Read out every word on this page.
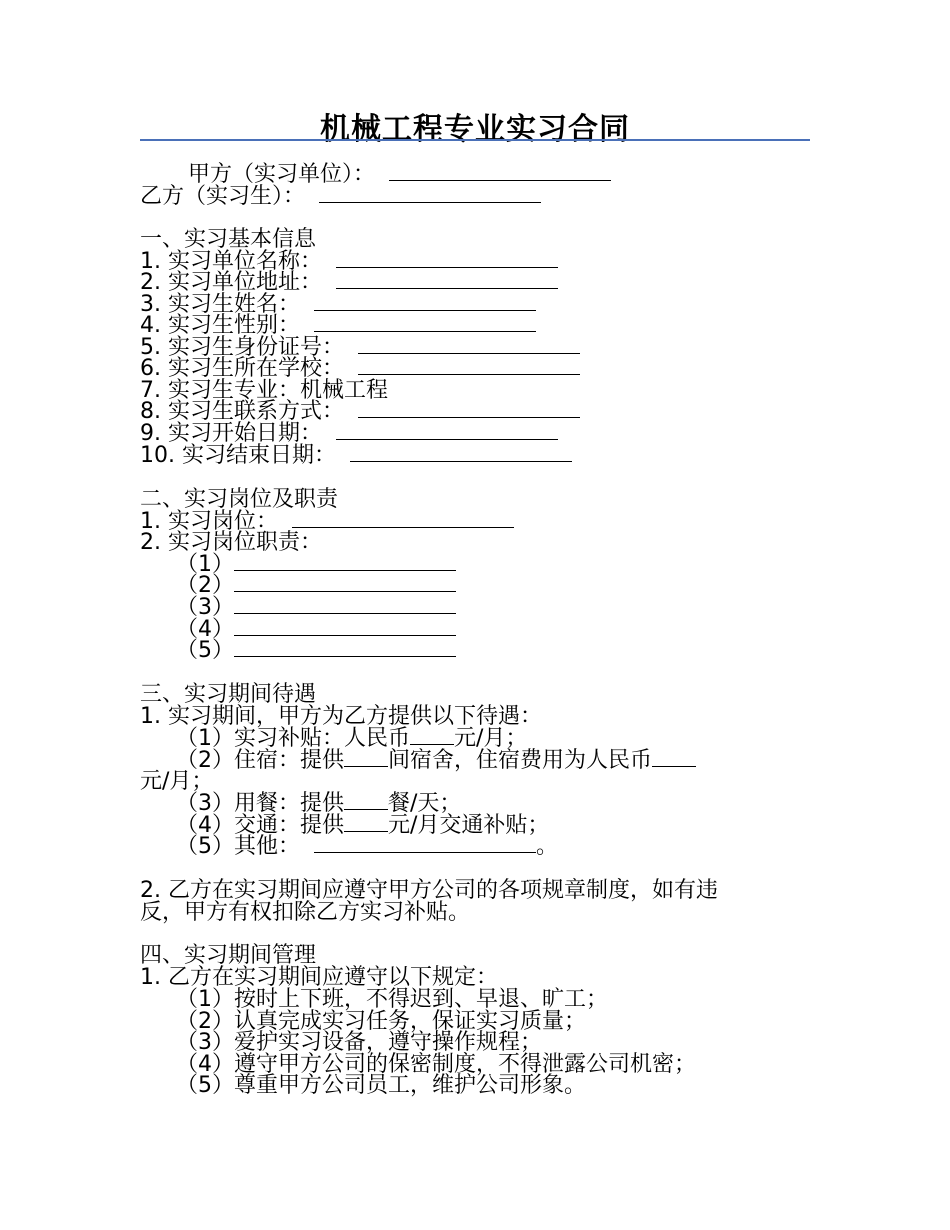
机械工程专业实习合同
甲方（实习单位）：
乙方（实习生）：
一、实习基本信息
1. 实习单位名称：
2. 实习单位地址：
3. 实习生姓名：
4. 实习生性别：
5. 实习生身份证号：
6. 实习生所在学校：
7. 实习生专业：机械工程
8. 实习生联系方式：
9. 实习开始日期：
10. 实习结束日期：
二、实习岗位及职责
1. 实习岗位：
2. 实习岗位职责：
（1）
（2）
（3）
（4）
（5）
三、实习期间待遇
1. 实习期间，甲方为乙方提供以下待遇：
（1）实习补贴：人民币 元/月；
（2）住宿：提供 间宿舍，住宿费用为人民币
元/月；
（3）用餐：提供 餐/天；
（4）交通：提供 元/月交通补贴；
（5）其他：	。
2. 乙方在实习期间应遵守甲方公司的各项规章制度，如有违
反，甲方有权扣除乙方实习补贴。
四、实习期间管理
1. 乙方在实习期间应遵守以下规定：
（1）按时上下班，不得迟到、早退、旷工；
（2）认真完成实习任务，保证实习质量；
（3）爱护实习设备，遵守操作规程；
（4）遵守甲方公司的保密制度，不得泄露公司机密；
（5）尊重甲方公司员工，维护公司形象。
